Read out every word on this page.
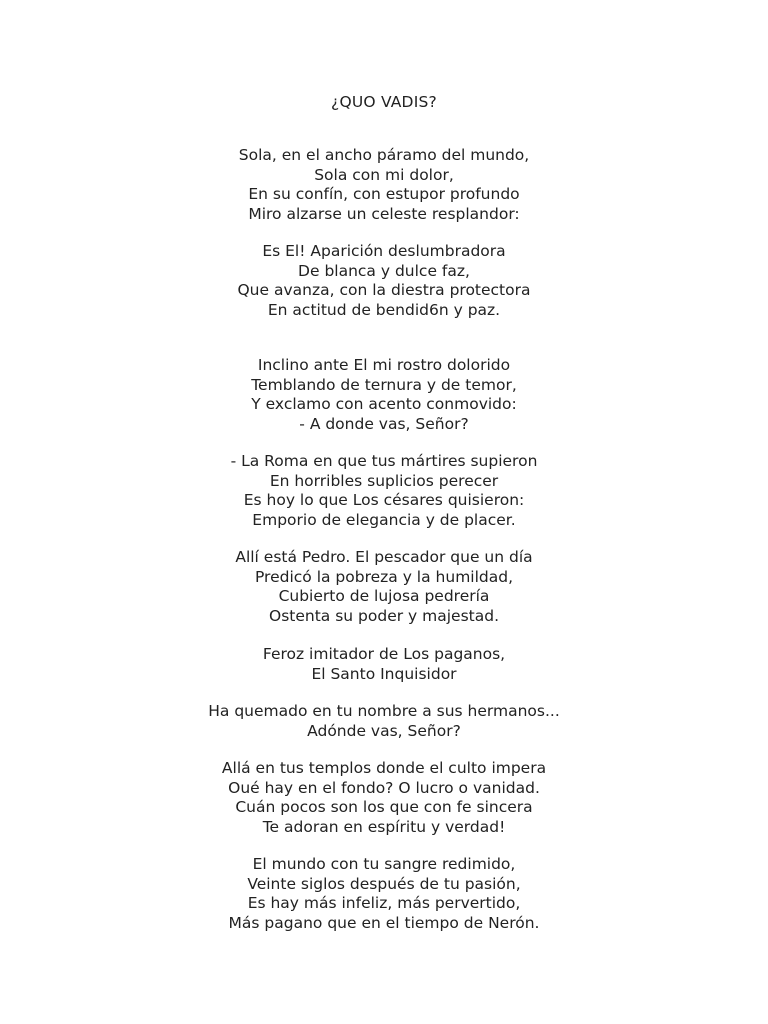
¿QUO VADIS?
Sola, en el ancho páramo del mundo,
Sola con mi dolor,
En su confín, con estupor profundo
Miro alzarse un celeste resplandor:
Es El! Aparición deslumbradora
De blanca y dulce faz,
Que avanza, con la diestra protectora
En actitud de bendid6n y paz.
Inclino ante El mi rostro dolorido
Temblando de ternura y de temor,
Y exclamo con acento conmovido:
- A donde vas, Señor?
- La Roma en que tus mártires supieron
En horribles suplicios perecer
Es hoy lo que Los césares quisieron:
Emporio de elegancia y de placer.
Allí está Pedro. El pescador que un día
Predicó la pobreza y la humildad,
Cubierto de lujosa pedrería
Ostenta su poder y majestad.
Feroz imitador de Los paganos,
El Santo Inquisidor
Ha quemado en tu nombre a sus hermanos...
Adónde vas, Señor?
Allá en tus templos donde el culto impera
Oué hay en el fondo? O lucro o vanidad.
Cuán pocos son los que con fe sincera
Te adoran en espíritu y verdad!
El mundo con tu sangre redimido,
Veinte siglos después de tu pasión,
Es hay más infeliz, más pervertido,
Más pagano que en el tiempo de Nerón.
